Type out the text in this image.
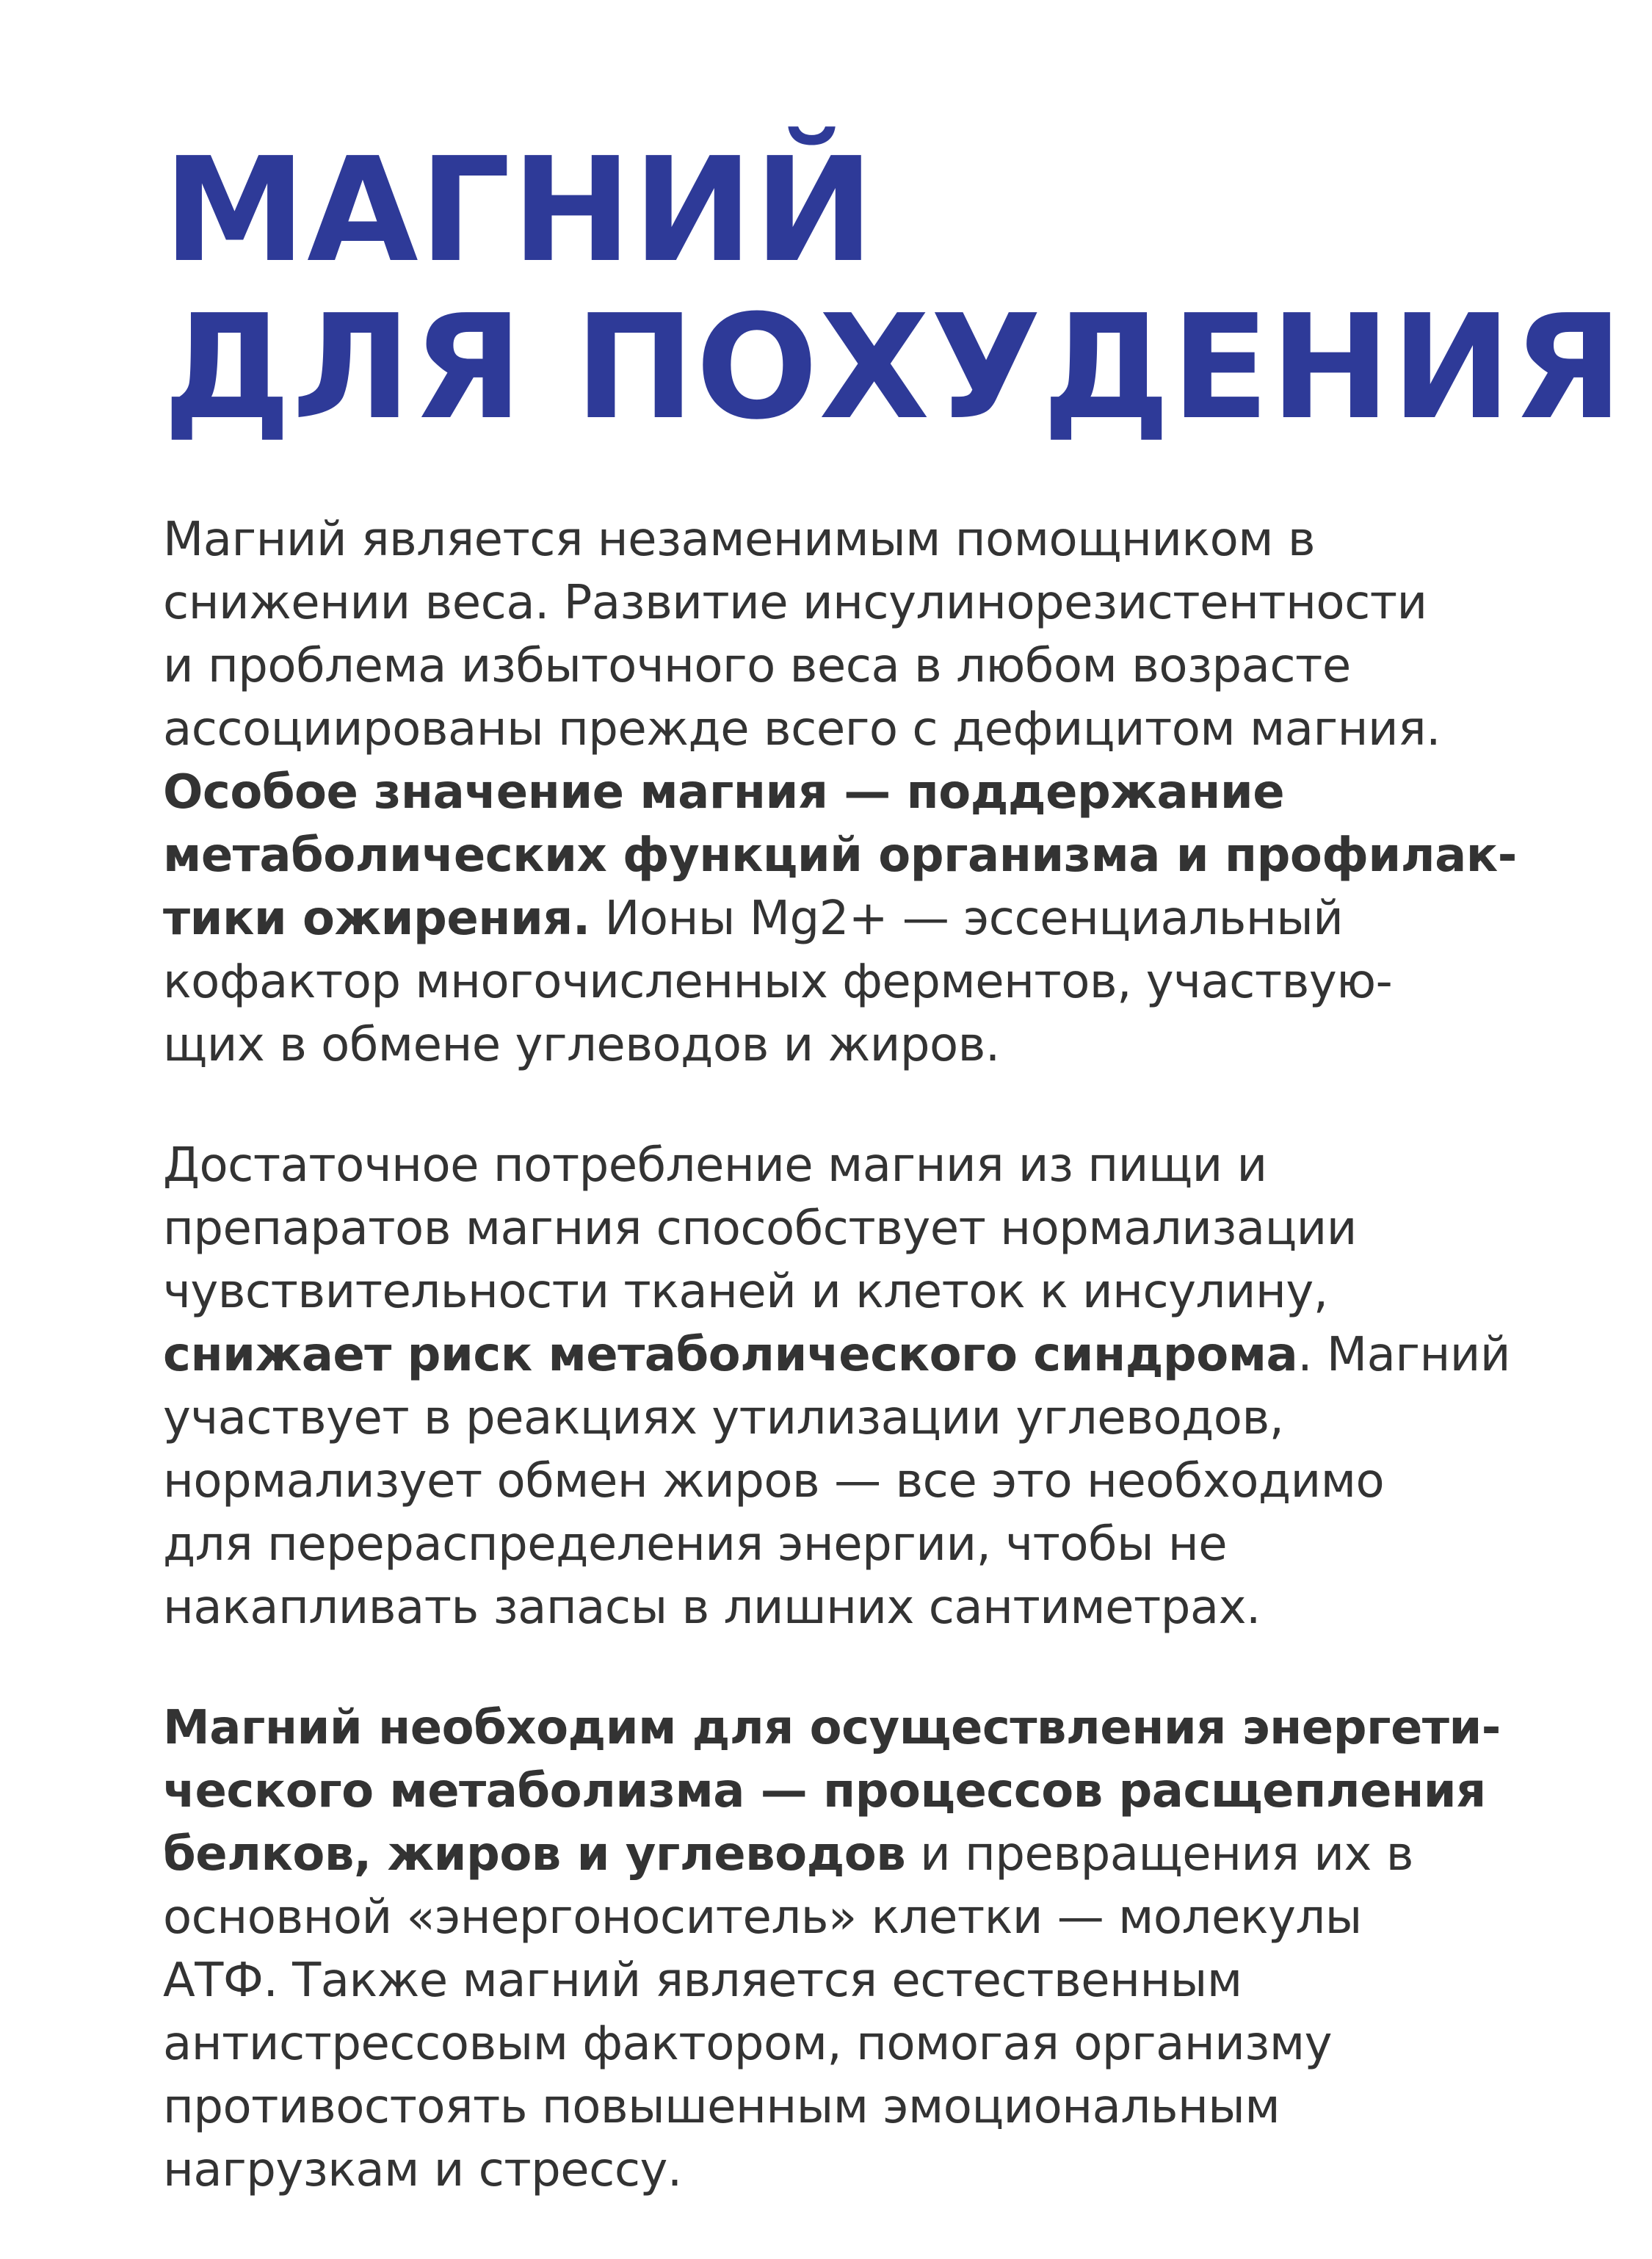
МАГНИЙ
ДЛЯ ПОХУДЕНИЯ

Магний является незаменимым помощником в
снижении веса. Развитие инсулинорезистентности
и проблема избыточного веса в любом возрасте
ассоциированы прежде всего с дефицитом магния.
Особое значение магния — поддержание
метаболических функций организма и профилак-
тики ожирения. Ионы Mg2+ — эссенциальный
кофактор многочисленных ферментов, участвую-
щих в обмене углеводов и жиров.

Достаточное потребление магния из пищи и
препаратов магния способствует нормализации
чувствительности тканей и клеток к инсулину,
снижает риск метаболического синдрома. Магний
участвует в реакциях утилизации углеводов,
нормализует обмен жиров — все это необходимо
для перераспределения энергии, чтобы не
накапливать запасы в лишних сантиметрах.

Магний необходим для осуществления энергети-
ческого метаболизма — процессов расщепления
белков, жиров и углеводов и превращения их в
основной «энергоноситель» клетки — молекулы
АТФ. Также магний является естественным
антистрессовым фактором, помогая организму
противостоять повышенным эмоциональным
нагрузкам и стрессу.
